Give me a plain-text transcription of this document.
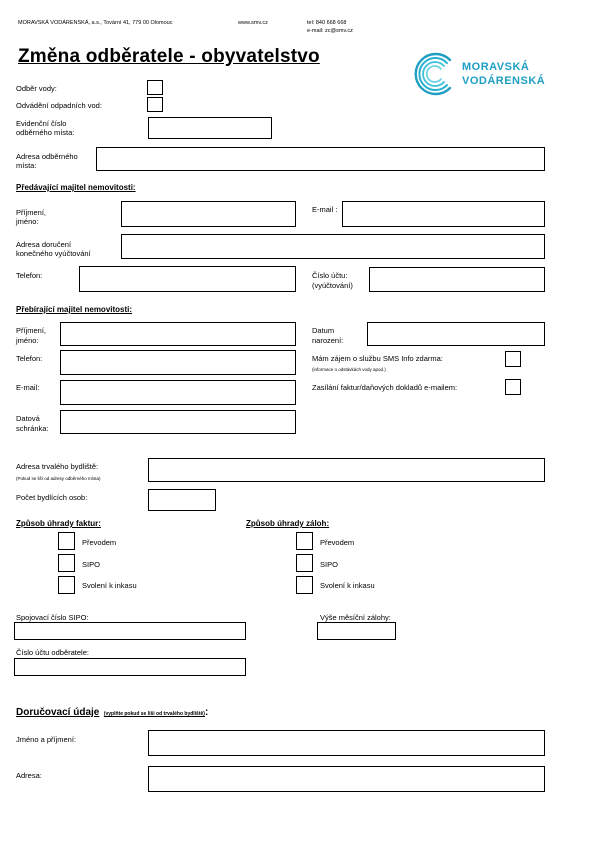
MORAVSKÁ VODÁRENSKÁ, a.s., Tovární 41, 779 00 Olomouc	www.smv.cz	tel: 840 668 668
e-mail: zc@smv.cz
Změna odběratele - obyvatelstvo	MORAVSKÁ
VODÁRENSKÁ
Odběr vody:
Odvádění odpadních vod:
Evidenční číslo
odběrného místa:
Adresa odběrného
místa:
Předávající majitel nemovitosti:
Příjmení,
jméno:
E-mail :
Adresa doručení
konečného vyúčtování
Telefon:	Číslo účtu:
(vyúčtování)
Přebírající majitel nemovitosti:
Příjmení,
jméno:
Datum
narození:
Telefon:	Mám zájem o službu SMS Info zdarma:
(informace o odstávkách vody apod.)
E-mail:	Zasílání faktur/daňových dokladů e-mailem:
Datová
schránka:
Adresa trvalého bydliště:
(Pokud se liší od adresy odběrného místa)
Počet bydlících osob:
Způsob úhrady faktur:	Způsob úhrady záloh:
Převodem	Převodem
SIPO	SIPO
Svolení k inkasu	Svolení k inkasu
Spojovací číslo SIPO:	Výše měsíční zálohy:
Číslo účtu odběratele:
Doručovací údaje (vyplňte pokud se liší od trvalého bydliště):
Jméno a příjmení:
Adresa:
